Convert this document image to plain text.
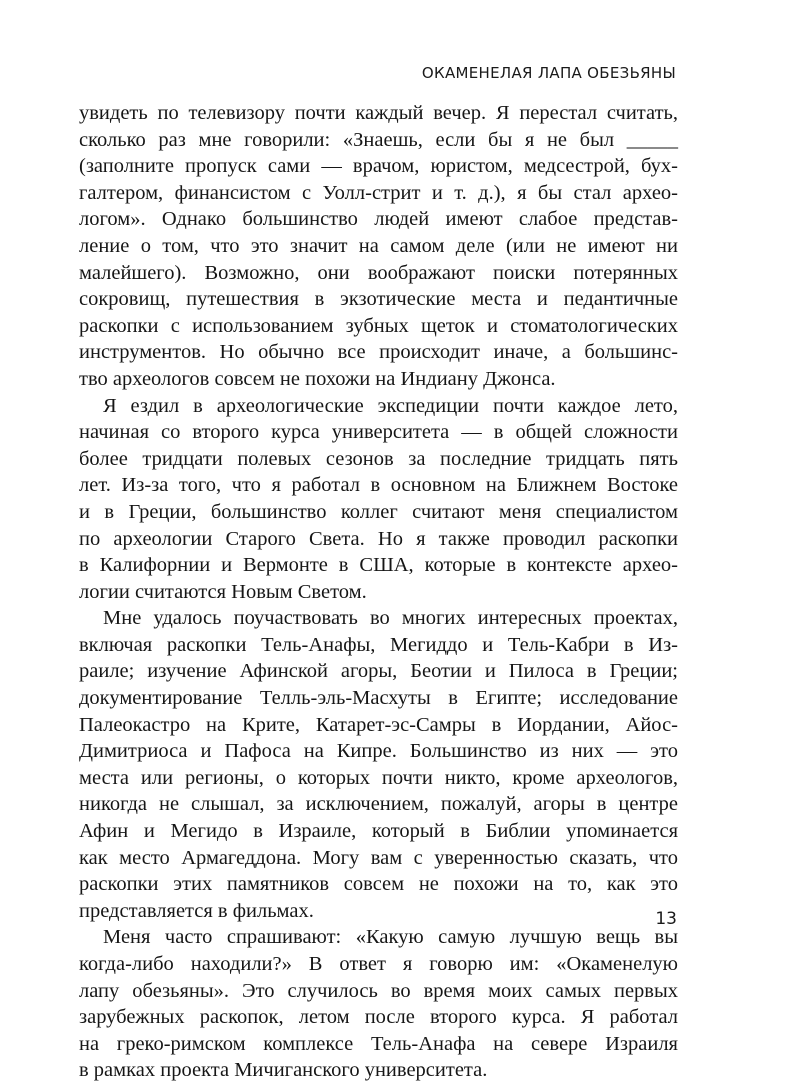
ОКАМЕНЕЛАЯ ЛАПА ОБЕЗЬЯНЫ
увидеть по телевизору почти каждый вечер. Я перестал считать,
сколько раз мне говорили: «Знаешь, если бы я не был _____
(заполните пропуск сами — врачом, юристом, медсестрой, бух-
галтером, финансистом с Уолл-стрит и т. д.), я бы стал археo-
логом». Однако большинство людей имеют слабое представ-
ление о том, что это значит на самом деле (или не имеют ни
малейшего). Возможно, они воображают поиски потерянных
сокровищ, путешествия в экзотические места и педантичные
раскопки с использованием зубных щеток и стоматологических
инструментов. Но обычно все происходит иначе, а большинс-
тво археологов совсем не похожи на Индиану Джонса.
Я ездил в археологические экспедиции почти каждое лето,
начиная со второго курса университета — в общей сложности
более тридцати полевых сезонов за последние тридцать пять
лет. Из-за того, что я работал в основном на Ближнем Востоке
и в Греции, большинство коллег считают меня специалистом
по археологии Старого Света. Но я также проводил раскопки
в Калифорнии и Вермонте в США, которые в контексте архео-
логии считаются Новым Светом.
Мне удалось поучаствовать во многих интересных проектах,
включая раскопки Тель-Анафы, Мегиддо и Тель-Кабри в Из-
раиле; изучение Афинской агоры, Беотии и Пилоса в Греции;
документирование Телль-эль-Масхуты в Египте; исследование
Палеокастро на Крите, Катарет-эс-Самры в Иордании, Айос-
Димитриоса и Пафоса на Кипре. Большинство из них — это
места или регионы, о которых почти никто, кроме археологов,
никогда не слышал, за исключением, пожалуй, агоры в центре
Афин и Мегидо в Израиле, который в Библии упоминается
как место Армагеддона. Могу вам с уверенностью сказать, что
раскопки этих памятников совсем не похожи на то, как это
представляется в фильмах.
Меня часто спрашивают: «Какую самую лучшую вещь вы
когда-либо находили?» В ответ я говорю им: «Окаменелую
лапу обезьяны». Это случилось во время моих самых первых
зарубежных раскопок, летом после второго курса. Я работал
на греко-римском комплексе Тель-Анафа на севере Израиля
в рамках проекта Мичиганского университета.
13
